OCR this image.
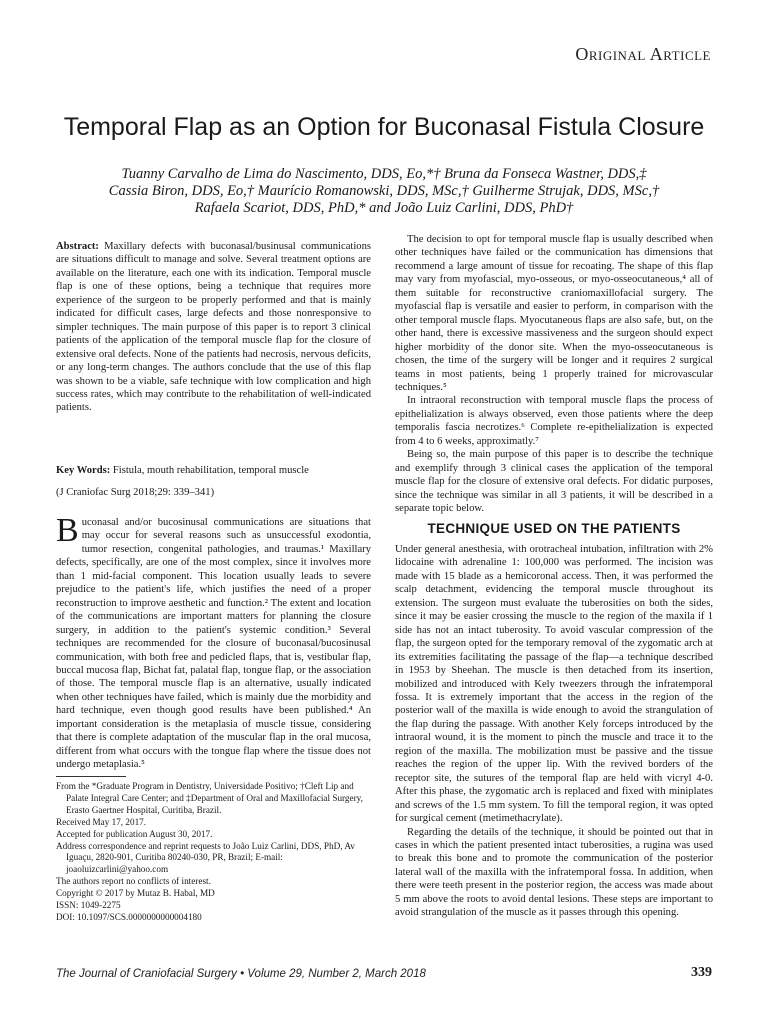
Original Article
Temporal Flap as an Option for Buconasal Fistula Closure
Tuanny Carvalho de Lima do Nascimento, DDS, Eo,*† Bruna da Fonseca Wastner, DDS,‡
Cassia Biron, DDS, Eo,† Maurício Romanowski, DDS, MSc,† Guilherme Strujak, DDS, MSc,†
Rafaela Scariot, DDS, PhD,* and João Luiz Carlini, DDS, PhD†

Abstract: Maxillary defects with buconasal/businusal communications are situations difficult to manage and solve. Several treatment options are available on the literature, each one with its indication. Temporal muscle flap is one of these options, being a technique that requires more experience of the surgeon to be properly performed and that is mainly indicated for difficult cases, large defects and those nonresponsive to simpler techniques. The main purpose of this paper is to report 3 clinical patients of the application of the temporal muscle flap for the closure of extensive oral defects. None of the patients had necrosis, nervous deficits, or any long-term changes. The authors conclude that the use of this flap was shown to be a viable, safe technique with low complication and high success rates, which may contribute to the rehabilitation of well-indicated patients.

Key Words: Fistula, mouth rehabilitation, temporal muscle

(J Craniofac Surg 2018;29: 339–341)

Buconasal and/or bucosinusal communications are situations that may occur for several reasons such as unsuccessful exodontia, tumor resection, congenital pathologies, and traumas.¹ Maxillary defects, specifically, are one of the most complex, since it involves more than 1 mid-facial component. This location usually leads to severe prejudice to the patient's life, which justifies the need of a proper reconstruction to improve aesthetic and function.² The extent and location of the communications are important matters for planning the closure surgery, in addition to the patient's systemic condition.³ Several techniques are recommended for the closure of buconasal/bucosinusal communication, with both free and pedicled flaps, that is, vestibular flap, buccal mucosa flap, Bichat fat, palatal flap, tongue flap, or the association of those. The temporal muscle flap is an alternative, usually indicated when other techniques have failed, which is mainly due the morbidity and hard technique, even though good results have been published.⁴ An important consideration is the metaplasia of muscle tissue, considering that there is complete adaptation of the muscular flap in the oral mucosa, different from what occurs with the tongue flap where the tissue does not undergo metaplasia.⁵

From the *Graduate Program in Dentistry, Universidade Positivo; †Cleft Lip and Palate Integral Care Center; and ‡Department of Oral and Maxillofacial Surgery, Erasto Gaertner Hospital, Curitiba, Brazil.

Received May 17, 2017.

Accepted for publication August 30, 2017.

Address correspondence and reprint requests to João Luiz Carlini, DDS, PhD, Av Iguaçu, 2820-901, Curitiba 80240-030, PR, Brazil; E-mail: joaoluizcarlini@yahoo.com

The authors report no conflicts of interest.

Copyright © 2017 by Mutaz B. Habal, MD

ISSN: 1049-2275

DOI: 10.1097/SCS.0000000000004180

The decision to opt for temporal muscle flap is usually described when other techniques have failed or the communication has dimensions that recommend a large amount of tissue for recoating. The shape of this flap may vary from myofascial, myo-osseous, or myo-osseocutaneous,⁴ all of them suitable for reconstructive craniomaxillofacial surgery. The myofascial flap is versatile and easier to perform, in comparison with the other temporal muscle flaps. Myocutaneous flaps are also safe, but, on the other hand, there is excessive massiveness and the surgeon should expect higher morbidity of the donor site. When the myo-osseocutaneous is chosen, the time of the surgery will be longer and it requires 2 surgical teams in most patients, being 1 properly trained for microvascular techniques.⁵

In intraoral reconstruction with temporal muscle flaps the process of epithelialization is always observed, even those patients where the deep temporalis fascia necrotizes.⁶ Complete re-epithelialization is expected from 4 to 6 weeks, approximatly.⁷

Being so, the main purpose of this paper is to describe the technique and exemplify through 3 clinical cases the application of the temporal muscle flap for the closure of extensive oral defects. For didatic purposes, since the technique was similar in all 3 patients, it will be described in a separate topic below.

TECHNIQUE USED ON THE PATIENTS

Under general anesthesia, with orotracheal intubation, infiltration with 2% lidocaine with adrenaline 1: 100,000 was performed. The incision was made with 15 blade as a hemicoronal access. Then, it was performed the scalp detachment, evidencing the temporal muscle throughout its extension. The surgeon must evaluate the tuberosities on both the sides, since it may be easier crossing the muscle to the region of the maxila if 1 side has not an intact tuberosity. To avoid vascular compression of the flap, the surgeon opted for the temporary removal of the zygomatic arch at its extremities facilitating the passage of the flap—a technique described in 1953 by Sheehan. The muscle is then detached from its insertion, mobilized and introduced with Kely tweezers through the infratemporal fossa. It is extremely important that the access in the region of the posterior wall of the maxilla is wide enough to avoid the strangulation of the flap during the passage. With another Kely forceps introduced by the intraoral wound, it is the moment to pinch the muscle and trace it to the region of the maxilla. The mobilization must be passive and the tissue reaches the region of the upper lip. With the revived borders of the receptor site, the sutures of the temporal flap are held with vicryl 4-0. After this phase, the zygomatic arch is replaced and fixed with miniplates and screws of the 1.5 mm system. To fill the temporal region, it was opted for surgical cement (metimethacrylate).

Regarding the details of the technique, it should be pointed out that in cases in which the patient presented intact tuberosities, a rugina was used to break this bone and to promote the communication of the posterior lateral wall of the maxilla with the infratemporal fossa. In addition, when there were teeth present in the posterior region, the access was made about 5 mm above the roots to avoid dental lesions. These steps are important to avoid strangulation of the muscle as it passes through this opening.

The Journal of Craniofacial Surgery • Volume 29, Number 2, March 2018	339
